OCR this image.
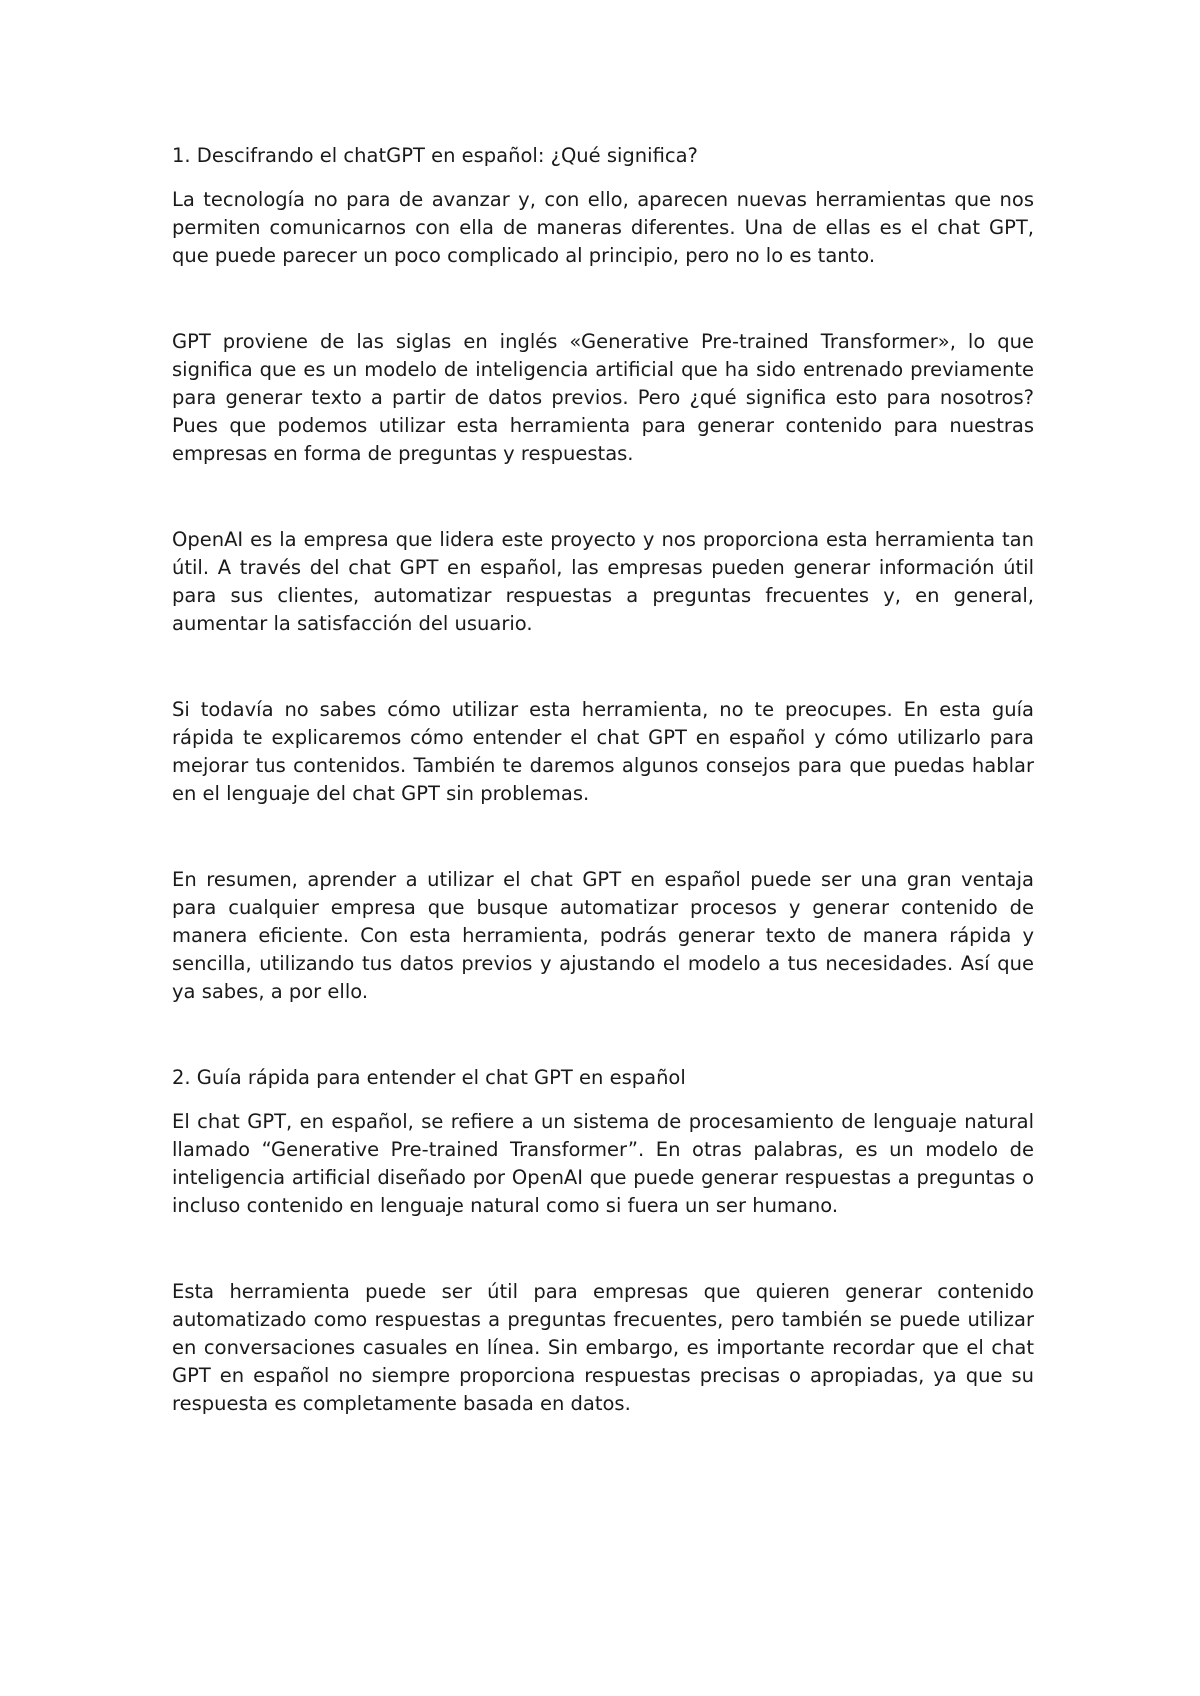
1. Descifrando el chatGPT en español: ¿Qué significa?

La tecnología no para de avanzar y, con ello, aparecen nuevas herramientas que nos permiten comunicarnos con ella de maneras diferentes. Una de ellas es el chat GPT, que puede parecer un poco complicado al principio, pero no lo es tanto.

GPT proviene de las siglas en inglés «Generative Pre-trained Transformer», lo que significa que es un modelo de inteligencia artificial que ha sido entrenado previamente para generar texto a partir de datos previos. Pero ¿qué significa esto para nosotros? Pues que podemos utilizar esta herramienta para generar contenido para nuestras empresas en forma de preguntas y respuestas.

OpenAI es la empresa que lidera este proyecto y nos proporciona esta herramienta tan útil. A través del chat GPT en español, las empresas pueden generar información útil para sus clientes, automatizar respuestas a preguntas frecuentes y, en general, aumentar la satisfacción del usuario.

Si todavía no sabes cómo utilizar esta herramienta, no te preocupes. En esta guía rápida te explicaremos cómo entender el chat GPT en español y cómo utilizarlo para mejorar tus contenidos. También te daremos algunos consejos para que puedas hablar en el lenguaje del chat GPT sin problemas.

En resumen, aprender a utilizar el chat GPT en español puede ser una gran ventaja para cualquier empresa que busque automatizar procesos y generar contenido de manera eficiente. Con esta herramienta, podrás generar texto de manera rápida y sencilla, utilizando tus datos previos y ajustando el modelo a tus necesidades. Así que ya sabes, a por ello.

2. Guía rápida para entender el chat GPT en español

El chat GPT, en español, se refiere a un sistema de procesamiento de lenguaje natural llamado “Generative Pre-trained Transformer”. En otras palabras, es un modelo de inteligencia artificial diseñado por OpenAI que puede generar respuestas a preguntas o incluso contenido en lenguaje natural como si fuera un ser humano.

Esta herramienta puede ser útil para empresas que quieren generar contenido automatizado como respuestas a preguntas frecuentes, pero también se puede utilizar en conversaciones casuales en línea. Sin embargo, es importante recordar que el chat GPT en español no siempre proporciona respuestas precisas o apropiadas, ya que su respuesta es completamente basada en datos.
